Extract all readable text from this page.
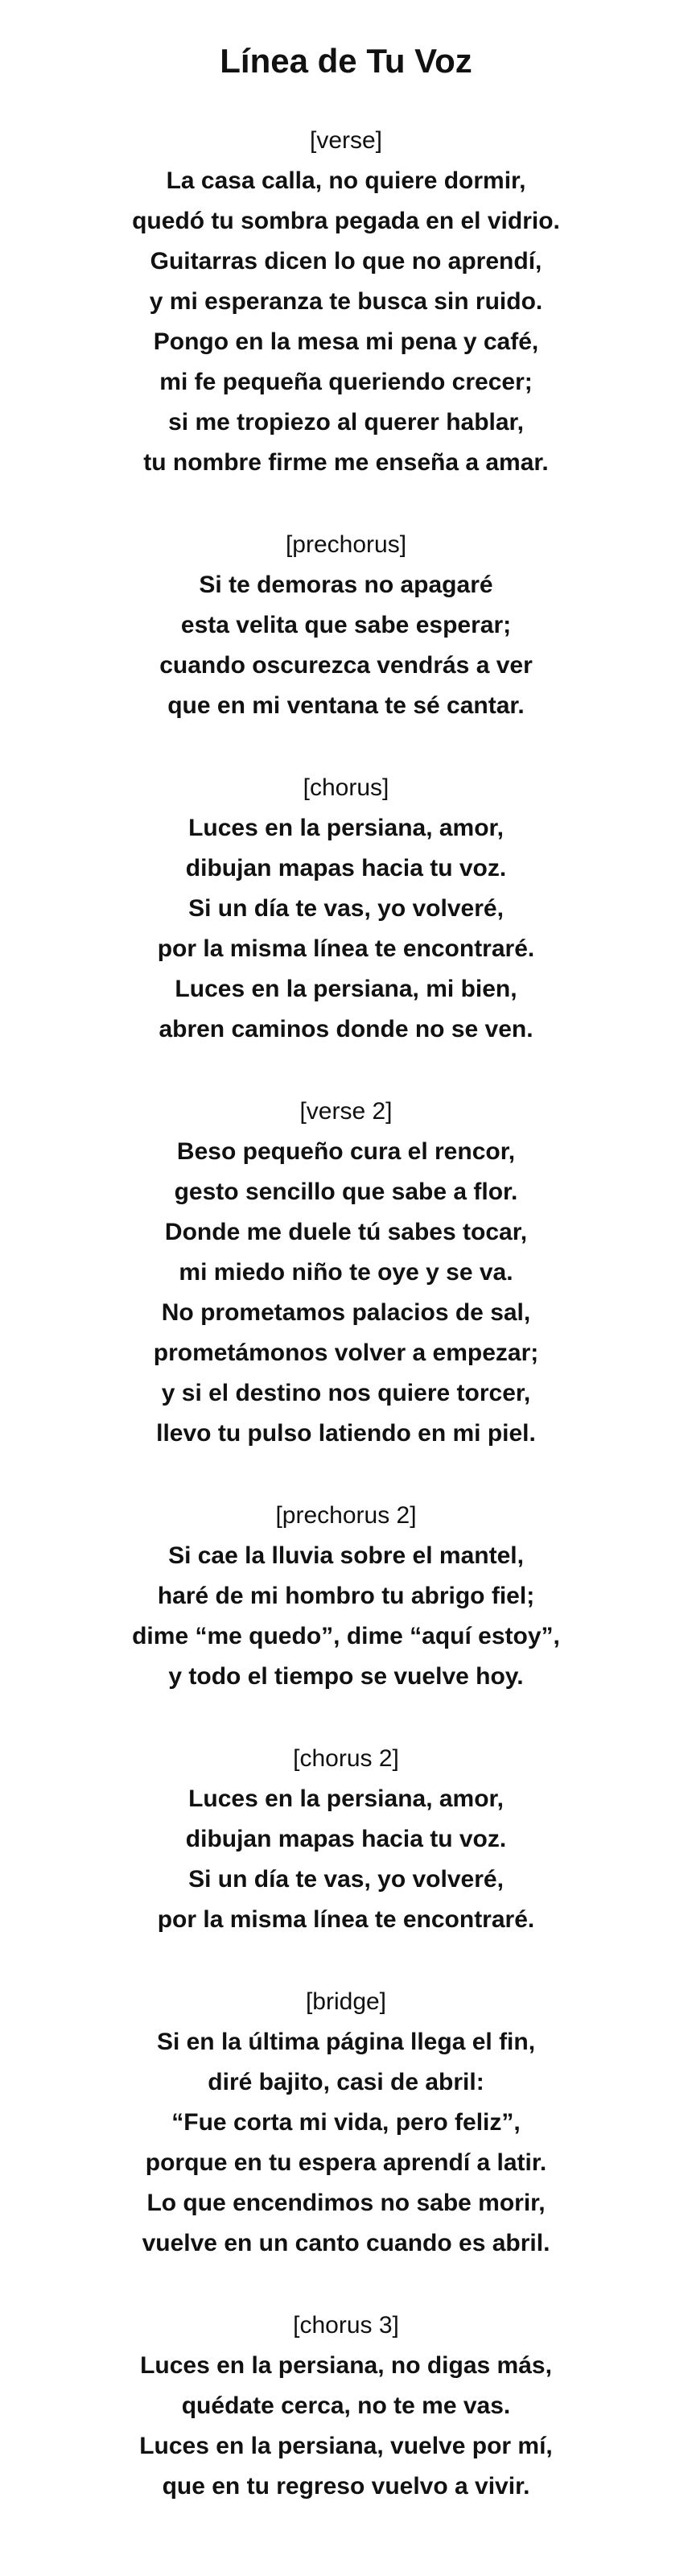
Línea de Tu Voz

[verse]

La casa calla, no quiere dormir,

quedó tu sombra pegada en el vidrio.

Guitarras dicen lo que no aprendí,

y mi esperanza te busca sin ruido.

Pongo en la mesa mi pena y café,

mi fe pequeña queriendo crecer;

si me tropiezo al querer hablar,

tu nombre firme me enseña a amar.

[prechorus]

Si te demoras no apagaré

esta velita que sabe esperar;

cuando oscurezca vendrás a ver

que en mi ventana te sé cantar.

[chorus]

Luces en la persiana, amor,

dibujan mapas hacia tu voz.

Si un día te vas, yo volveré,

por la misma línea te encontraré.

Luces en la persiana, mi bien,

abren caminos donde no se ven.

[verse 2]

Beso pequeño cura el rencor,

gesto sencillo que sabe a flor.

Donde me duele tú sabes tocar,

mi miedo niño te oye y se va.

No prometamos palacios de sal,

prometámonos volver a empezar;

y si el destino nos quiere torcer,

llevo tu pulso latiendo en mi piel.

[prechorus 2]

Si cae la lluvia sobre el mantel,

haré de mi hombro tu abrigo fiel;

dime “me quedo”, dime “aquí estoy”,

y todo el tiempo se vuelve hoy.

[chorus 2]

Luces en la persiana, amor,

dibujan mapas hacia tu voz.

Si un día te vas, yo volveré,

por la misma línea te encontraré.

[bridge]

Si en la última página llega el fin,

diré bajito, casi de abril:

“Fue corta mi vida, pero feliz”,

porque en tu espera aprendí a latir.

Lo que encendimos no sabe morir,

vuelve en un canto cuando es abril.

[chorus 3]

Luces en la persiana, no digas más,

quédate cerca, no te me vas.

Luces en la persiana, vuelve por mí,

que en tu regreso vuelvo a vivir.
